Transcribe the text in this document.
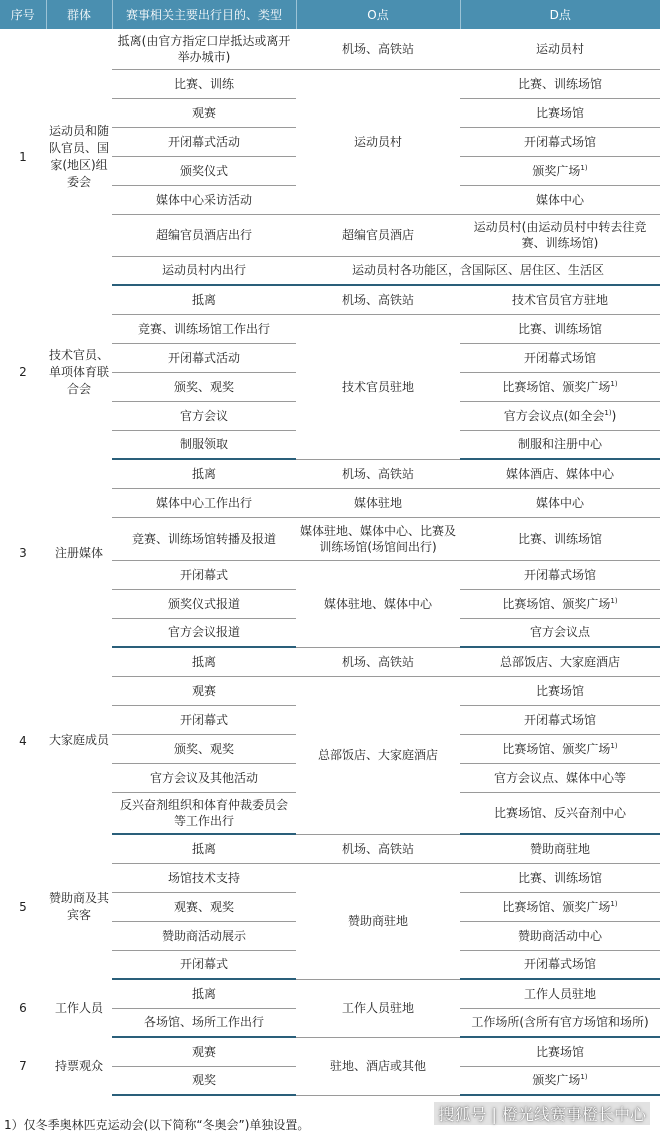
序号	群体	赛事相关主要出行目的、类型	O点	D点
1	运动员和随队官员、国家(地区)组委会	抵离(由官方指定口岸抵达或离开举办城市)	机场、高铁站	运动员村
		比赛、训练	运动员村	比赛、训练场馆
		观赛		比赛场馆
		开闭幕式活动		开闭幕式场馆
		颁奖仪式		颁奖广场$^{1)}$
		媒体中心采访活动		媒体中心
		超编官员酒店出行	超编官员酒店	运动员村(由运动员村中转去往竞赛、训练场馆)
		运动员村内出行	运动员村各功能区，含国际区、居住区、生活区	
2	技术官员、单项体育联合会	抵离	机场、高铁站	技术官员官方驻地
		竞赛、训练场馆工作出行	技术官员驻地	比赛、训练场馆
		开闭幕式活动		开闭幕式场馆
		颁奖、观奖		比赛场馆、颁奖广场$^{1)}$
		官方会议		官方会议点(如全会$^{1)}$)
		制服领取		制服和注册中心
3	注册媒体	抵离	机场、高铁站	媒体酒店、媒体中心
		媒体中心工作出行	媒体驻地	媒体中心
		竞赛、训练场馆转播及报道	媒体驻地、媒体中心、比赛及训练场馆(场馆间出行)	比赛、训练场馆
		开闭幕式	媒体驻地、媒体中心	开闭幕式场馆
		颁奖仪式报道		比赛场馆、颁奖广场$^{1)}$
		官方会议报道		官方会议点
4	大家庭成员	抵离	机场、高铁站	总部饭店、大家庭酒店
		观赛	总部饭店、大家庭酒店	比赛场馆
		开闭幕式		开闭幕式场馆
		颁奖、观奖		比赛场馆、颁奖广场$^{1)}$
		官方会议及其他活动		官方会议点、媒体中心等
		反兴奋剂组织和体育仲裁委员会等工作出行		比赛场馆、反兴奋剂中心
5	赞助商及其宾客	抵离	机场、高铁站	赞助商驻地
		场馆技术支持	赞助商驻地	比赛、训练场馆
		观赛、观奖		比赛场馆、颁奖广场$^{1)}$
		赞助商活动展示		赞助商活动中心
		开闭幕式		开闭幕式场馆
6	工作人员	抵离	工作人员驻地	工作人员驻地
		各场馆、场所工作出行		工作场所(含所有官方场馆和场所)
7	持票观众	观赛	驻地、酒店或其他	比赛场馆
		观奖		颁奖广场$^{1)}$
1）仅冬季奥林匹克运动会(以下简称“冬奥会”)单独设置。
搜狐号 | 橙光线赛事橙长中心
